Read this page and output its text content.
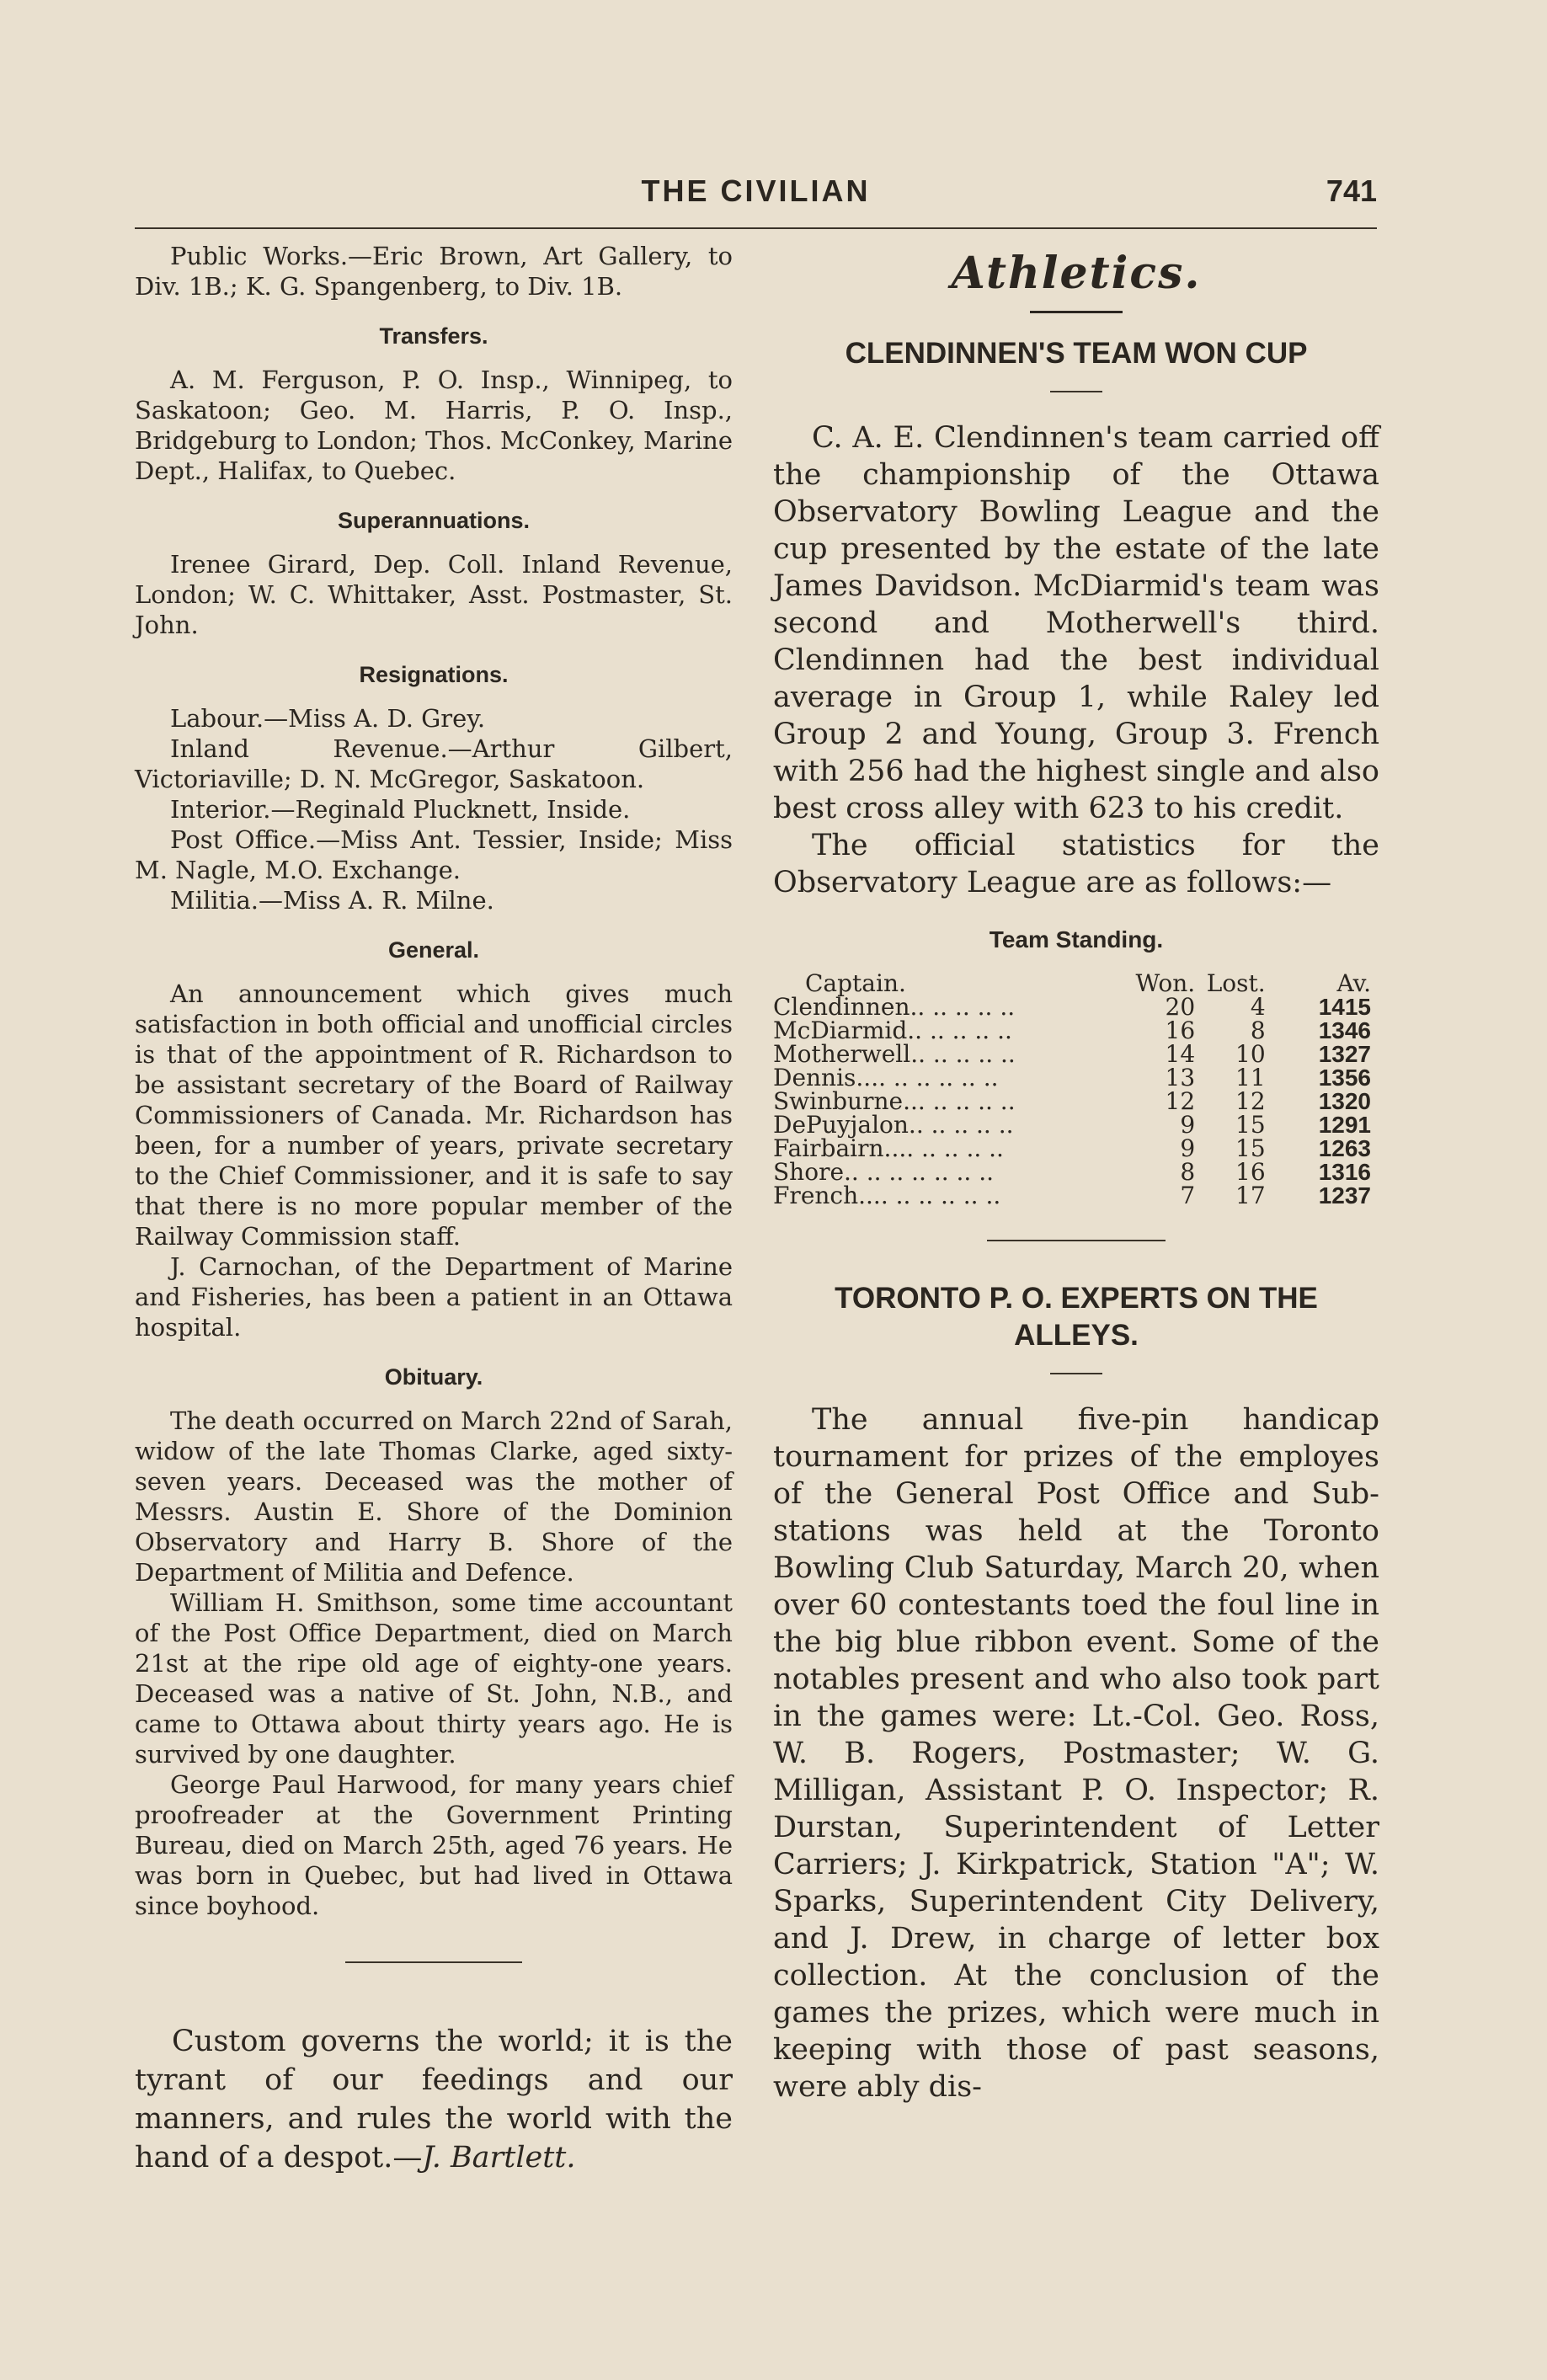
THE CIVILIAN	741

Public Works.—Eric Brown, Art Gallery, to Div. 1B.; K. G. Spangenberg, to Div. 1B.

Transfers.

A. M. Ferguson, P. O. Insp., Winnipeg, to Saskatoon; Geo. M. Harris, P. O. Insp., Bridgeburg to London; Thos. McConkey, Marine Dept., Halifax, to Quebec.

Superannuations.

Irenee Girard, Dep. Coll. Inland Revenue, London; W. C. Whittaker, Asst. Postmaster, St. John.

Resignations.

Labour.—Miss A. D. Grey.

Inland Revenue.—Arthur Gilbert, Victoriaville; D. N. McGregor, Saskatoon.

Interior.—Reginald Plucknett, Inside.

Post Office.—Miss Ant. Tessier, Inside; Miss M. Nagle, M.O. Exchange.

Militia.—Miss A. R. Milne.

General.

An announcement which gives much satisfaction in both official and unofficial circles is that of the appointment of R. Richardson to be assistant secretary of the Board of Railway Commissioners of Canada. Mr. Richardson has been, for a number of years, private secretary to the Chief Commissioner, and it is safe to say that there is no more popular member of the Railway Commission staff.

J. Carnochan, of the Department of Marine and Fisheries, has been a patient in an Ottawa hospital.

Obituary.

The death occurred on March 22nd of Sarah, widow of the late Thomas Clarke, aged sixty-seven years. Deceased was the mother of Messrs. Austin E. Shore of the Dominion Observatory and Harry B. Shore of the Department of Militia and Defence.

William H. Smithson, some time accountant of the Post Office Department, died on March 21st at the ripe old age of eighty-one years. Deceased was a native of St. John, N.B., and came to Ottawa about thirty years ago. He is survived by one daughter.

George Paul Harwood, for many years chief proofreader at the Government Printing Bureau, died on March 25th, aged 76 years. He was born in Quebec, but had lived in Ottawa since boyhood.

Custom governs the world; it is the tyrant of our feedings and our manners, and rules the world with the hand of a despot.—J. Bartlett.

Athletics.
CLENDINNEN'S TEAM WON CUP

C. A. E. Clendinnen's team carried off the championship of the Ottawa Observatory Bowling League and the cup presented by the estate of the late James Davidson. McDiarmid's team was second and Motherwell's third. Clendinnen had the best individual average in Group 1, while Raley led Group 2 and Young, Group 3. French with 256 had the highest single and also best cross alley with 623 to his credit.

The official statistics for the Observatory League are as follows:—

Team Standing.
Captain.	Won.	Lost.	Av.
Clendinnen.. .. .. .. ..	20	4	1415
McDiarmid.. .. .. .. ..	16	8	1346
Motherwell.. .. .. .. ..	14	10	1327
Dennis.... .. .. .. .. ..	13	11	1356
Swinburne... .. .. .. ..	12	12	1320
DePuyjalon.. .. .. .. ..	9	15	1291
Fairbairn.... .. .. .. ..	9	15	1263
Shore.. .. .. .. .. .. ..	8	16	1316
French.... .. .. .. .. ..	7	17	1237
TORONTO P. O. EXPERTS ON THE ALLEYS.

The annual five-pin handicap tournament for prizes of the employes of the General Post Office and Sub-stations was held at the Toronto Bowling Club Saturday, March 20, when over 60 contestants toed the foul line in the big blue ribbon event. Some of the notables present and who also took part in the games were: Lt.-Col. Geo. Ross, W. B. Rogers, Postmaster; W. G. Milligan, Assistant P. O. Inspector; R. Durstan, Superintendent of Letter Carriers; J. Kirkpatrick, Station "A"; W. Sparks, Superintendent City Delivery, and J. Drew, in charge of letter box collection. At the conclusion of the games the prizes, which were much in keeping with those of past seasons, were ably dis-
